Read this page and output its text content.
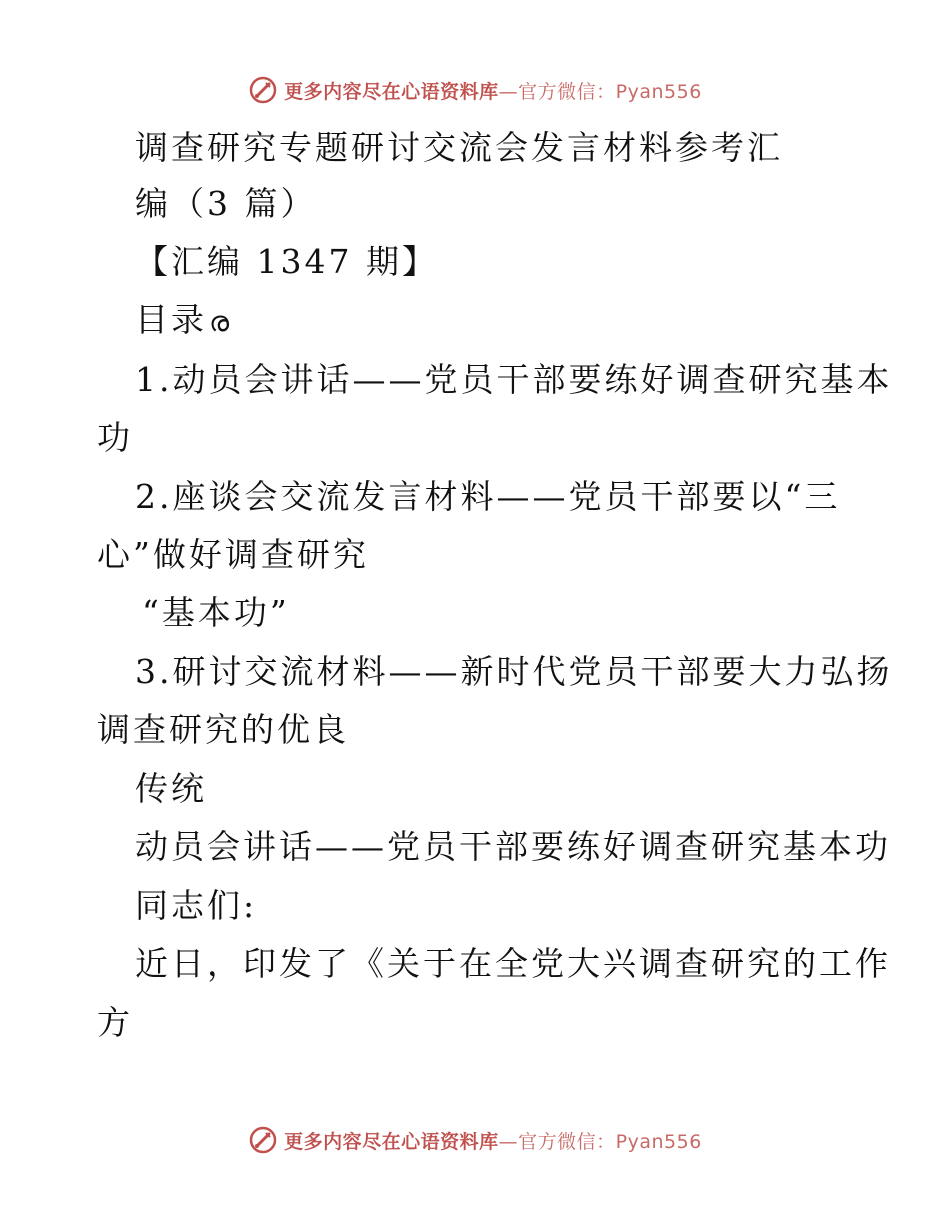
更多内容尽在心语资料库—官方微信：Pyan556
调查研究专题研讨交流会发言材料参考汇
编（3 篇）
【汇编 1347 期】
目录ര
1.动员会讲话——党员干部要练好调查研究基本
功
2.座谈会交流发言材料——党员干部要以“三
心”做好调查研究
“基本功”
3.研讨交流材料——新时代党员干部要大力弘扬
调查研究的优良
传统
动员会讲话——党员干部要练好调查研究基本功
同志们:
近日，印发了《关于在全党大兴调查研究的工作
方
更多内容尽在心语资料库—官方微信：Pyan556
